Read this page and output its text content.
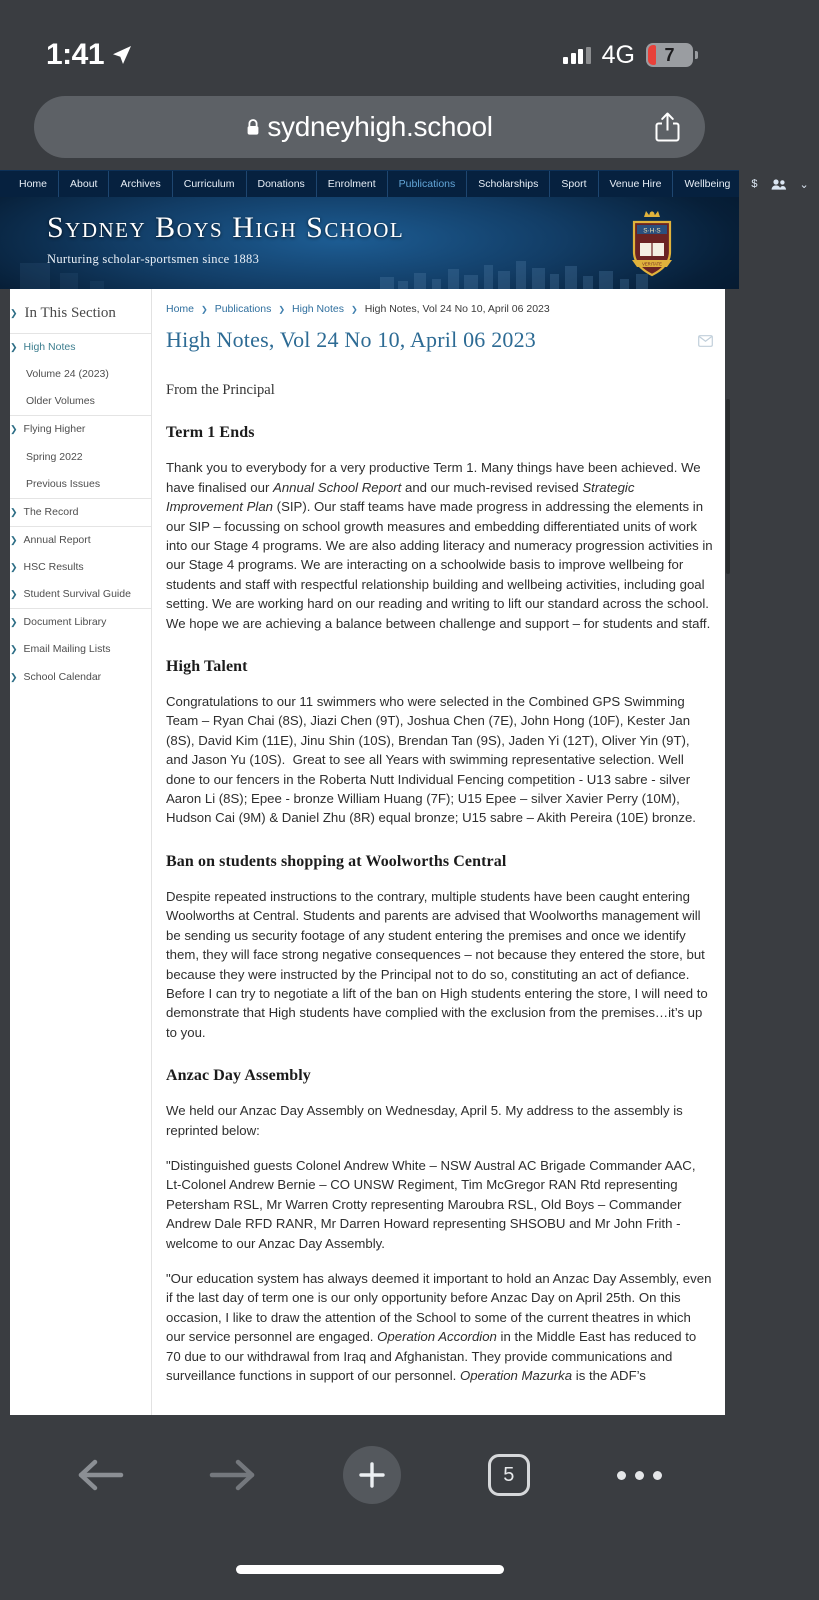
1:41	4G 7
sydneyhigh.school
Home	About	Archives	Curriculum	Donations	Enrolment	Publications	Scholarships	Sport	Venue Hire	Wellbeing	$	⌄
Sydney Boys High School
Nurturing scholar-sportsmen since 1883
S·H·S
VERITATE
❯ In This Section
❯ High Notes
Volume 24 (2023)
Older Volumes
❯ Flying Higher
Spring 2022
Previous Issues
❯ The Record
❯ Annual Report
❯ HSC Results
❯ Student Survival Guide
❯ Document Library
❯ Email Mailing Lists
❯ School Calendar
Home ❯ Publications ❯ High Notes ❯ High Notes, Vol 24 No 10, April 06 2023
High Notes, Vol 24 No 10, April 06 2023
From the Principal
Term 1 Ends

Thank you to everybody for a very productive Term 1. Many things have been achieved. We have finalised our Annual School Report and our much-revised revised Strategic Improvement Plan (SIP). Our staff teams have made progress in addressing the elements in our SIP – focussing on school growth measures and embedding differentiated units of work into our Stage 4 programs. We are also adding literacy and numeracy progression activities in our Stage 4 programs. We are interacting on a schoolwide basis to improve wellbeing for students and staff with respectful relationship building and wellbeing activities, including goal setting. We are working hard on our reading and writing to lift our standard across the school. We hope we are achieving a balance between challenge and support – for students and staff.

High Talent

Congratulations to our 11 swimmers who were selected in the Combined GPS Swimming Team – Ryan Chai (8S), Jiazi Chen (9T), Joshua Chen (7E), John Hong (10F), Kester Jan (8S), David Kim (11E), Jinu Shin (10S), Brendan Tan (9S), Jaden Yi (12T), Oliver Yin (9T), and Jason Yu (10S).  Great to see all Years with swimming representative selection. Well done to our fencers in the Roberta Nutt Individual Fencing competition - U13 sabre - silver Aaron Li (8S); Epee - bronze William Huang (7F); U15 Epee – silver Xavier Perry (10M), Hudson Cai (9M) & Daniel Zhu (8R) equal bronze; U15 sabre – Akith Pereira (10E) bronze.

Ban on students shopping at Woolworths Central

Despite repeated instructions to the contrary, multiple students have been caught entering Woolworths at Central. Students and parents are advised that Woolworths management will be sending us security footage of any student entering the premises and once we identify them, they will face strong negative consequences – not because they entered the store, but because they were instructed by the Principal not to do so, constituting an act of defiance. Before I can try to negotiate a lift of the ban on High students entering the store, I will need to demonstrate that High students have complied with the exclusion from the premises…it’s up to you.

Anzac Day Assembly

We held our Anzac Day Assembly on Wednesday, April 5. My address to the assembly is reprinted below:

"Distinguished guests Colonel Andrew White – NSW Austral AC Brigade Commander AAC, Lt-Colonel Andrew Bernie – CO UNSW Regiment, Tim McGregor RAN Rtd representing Petersham RSL, Mr Warren Crotty representing Maroubra RSL, Old Boys – Commander Andrew Dale RFD RANR, Mr Darren Howard representing SHSOBU and Mr John Frith - welcome to our Anzac Day Assembly.

"Our education system has always deemed it important to hold an Anzac Day Assembly, even if the last day of term one is our only opportunity before Anzac Day on April 25th. On this occasion, I like to draw the attention of the School to some of the current theatres in which our service personnel are engaged. Operation Accordion in the Middle East has reduced to 70 due to our withdrawal from Iraq and Afghanistan. They provide communications and surveillance functions in support of our personnel. Operation Mazurka is the ADF’s

5
